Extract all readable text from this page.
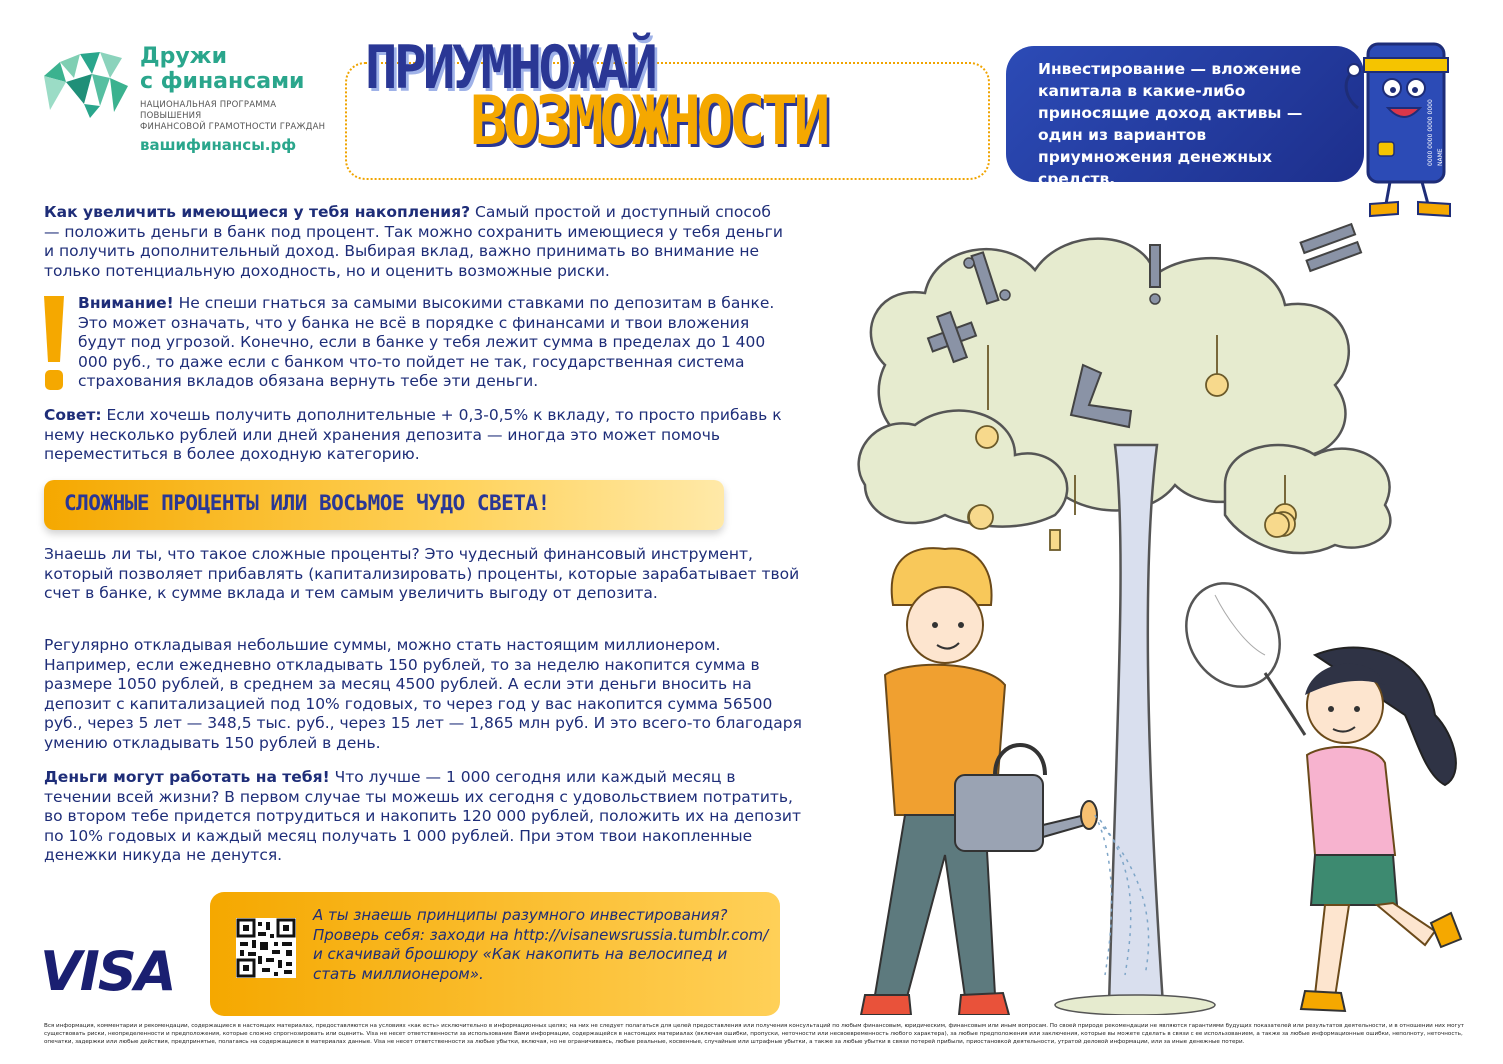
Дружи
с финансами
НАЦИОНАЛЬНАЯ ПРОГРАММА ПОВЫШЕНИЯ
ФИНАНСОВОЙ ГРАМОТНОСТИ ГРАЖДАН
вашифинансы.рф
ПРИУМНОЖАЙ
ВОЗМОЖНОСТИ
Инвестирование — вложение капитала в какие-либо приносящие доход активы — один из вариантов приумножения денежных средств.
0000 0000 0000 0000 NAME

Как увеличить имеющиеся у тебя накопления? Самый простой и доступный способ — положить деньги в банк под процент. Так можно сохранить имеющиеся у тебя деньги и получить дополнительный доход. Выбирая вклад, важно принимать во внимание не только потенциальную доходность, но и оценить возможные риски.

Внимание! Не спеши гнаться за самыми высокими ставками по депозитам в банке. Это может означать, что у банка не всё в порядке с финансами и твои вложения будут под угрозой. Конечно, если в банке у тебя лежит сумма в пределах до 1 400 000 руб., то даже если с банком что-то пойдет не так, государственная система страхования вкладов обязана вернуть тебе эти деньги.

Совет: Если хочешь получить дополнительные + 0,3-0,5% к вкладу, то просто прибавь к нему несколько рублей или дней хранения депозита — иногда это может помочь переместиться в более доходную категорию.

СЛОЖНЫЕ ПРОЦЕНТЫ ИЛИ ВОСЬМОЕ ЧУДО СВЕТА!

Знаешь ли ты, что такое сложные проценты? Это чудесный финансовый инструмент, который позволяет прибавлять (капитализировать) проценты, которые зарабатывает твой счет в банке, к сумме вклада и тем самым увеличить выгоду от депозита.

Регулярно откладывая небольшие суммы, можно стать настоящим миллионером. Например, если ежедневно откладывать 150 рублей, то за неделю накопится сумма в размере 1050 рублей, в среднем за месяц 4500 рублей. А если эти деньги вносить на депозит с капитализацией под 10% годовых, то через год у вас накопится сумма 56500 руб., через 5 лет — 348,5 тыс. руб., через 15 лет — 1,865 млн руб. И это всего-то благодаря умению откладывать 150 рублей в день.

Деньги могут работать на тебя! Что лучше — 1 000 сегодня или каждый месяц в течении всей жизни? В первом случае ты можешь их сегодня с удовольствием потратить, во втором тебе придется потрудиться и накопить 120 000 рублей, положить их на депозит по 10% годовых и каждый месяц получать 1 000 рублей. При этом твои накопленные денежки никуда не денутся.

А ты знаешь принципы разумного инвестирования? Проверь себя: заходи на http://visanewsrussia.tumblr.com/ и скачивай брошюру «Как накопить на велосипед и стать миллионером».

VISA

Вся информация, комментарии и рекомендации, содержащиеся в настоящих материалах, предоставляются на условиях «как есть» исключительно в информационных целях; на них не следует полагаться для целей предоставления или получения консультаций по любым финансовым, юридическим, финансовым или иным вопросам. По своей природе рекомендации не являются гарантиями будущих показателей или результатов деятельности, и в отношении них могут существовать риски, неопределенности и предположения, которые сложно спрогнозировать или оценить. Visa не несет ответственности за использование Вами информации, содержащейся в настоящих материалах (включая ошибки, пропуски, неточности или несвоевременность любого характера), за любые предположения или заключения, которые вы можете сделать в связи с ее использованием, а также за любые информационные ошибки, неполноту, неточность, опечатки, задержки или любые действия, предпринятые, полагаясь на содержащиеся в материалах данные. Visa не несет ответственности за любые убытки, включая, но не ограничиваясь, любые реальные, косвенные, случайные или штрафные убытки, а также за любые убытки в связи потерей прибыли, приостановкой деятельности, утратой деловой информации, или за иные денежные потери.
